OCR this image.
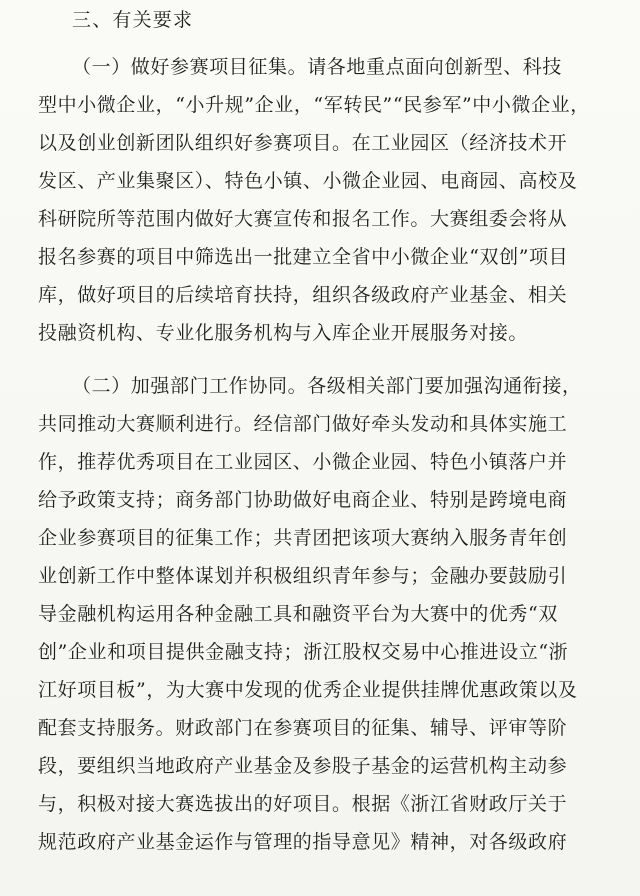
三、有关要求
（一）做好参赛项目征集。请各地重点面向创新型、科技
型中小微企业，“小升规”企业，“军转民”“民参军”中小微企业，
以及创业创新团队组织好参赛项目。在工业园区（经济技术开
发区、产业集聚区）、特色小镇、小微企业园、电商园、高校及
科研院所等范围内做好大赛宣传和报名工作。大赛组委会将从
报名参赛的项目中筛选出一批建立全省中小微企业“双创”项目
库，做好项目的后续培育扶持，组织各级政府产业基金、相关
投融资机构、专业化服务机构与入库企业开展服务对接。
（二）加强部门工作协同。各级相关部门要加强沟通衔接，
共同推动大赛顺利进行。经信部门做好牵头发动和具体实施工
作，推荐优秀项目在工业园区、小微企业园、特色小镇落户并
给予政策支持；商务部门协助做好电商企业、特别是跨境电商
企业参赛项目的征集工作；共青团把该项大赛纳入服务青年创
业创新工作中整体谋划并积极组织青年参与；金融办要鼓励引
导金融机构运用各种金融工具和融资平台为大赛中的优秀“双
创”企业和项目提供金融支持；浙江股权交易中心推进设立“浙
江好项目板”，为大赛中发现的优秀企业提供挂牌优惠政策以及
配套支持服务。财政部门在参赛项目的征集、辅导、评审等阶
段，要组织当地政府产业基金及参股子基金的运营机构主动参
与，积极对接大赛选拔出的好项目。根据《浙江省财政厅关于
规范政府产业基金运作与管理的指导意见》精神，对各级政府
